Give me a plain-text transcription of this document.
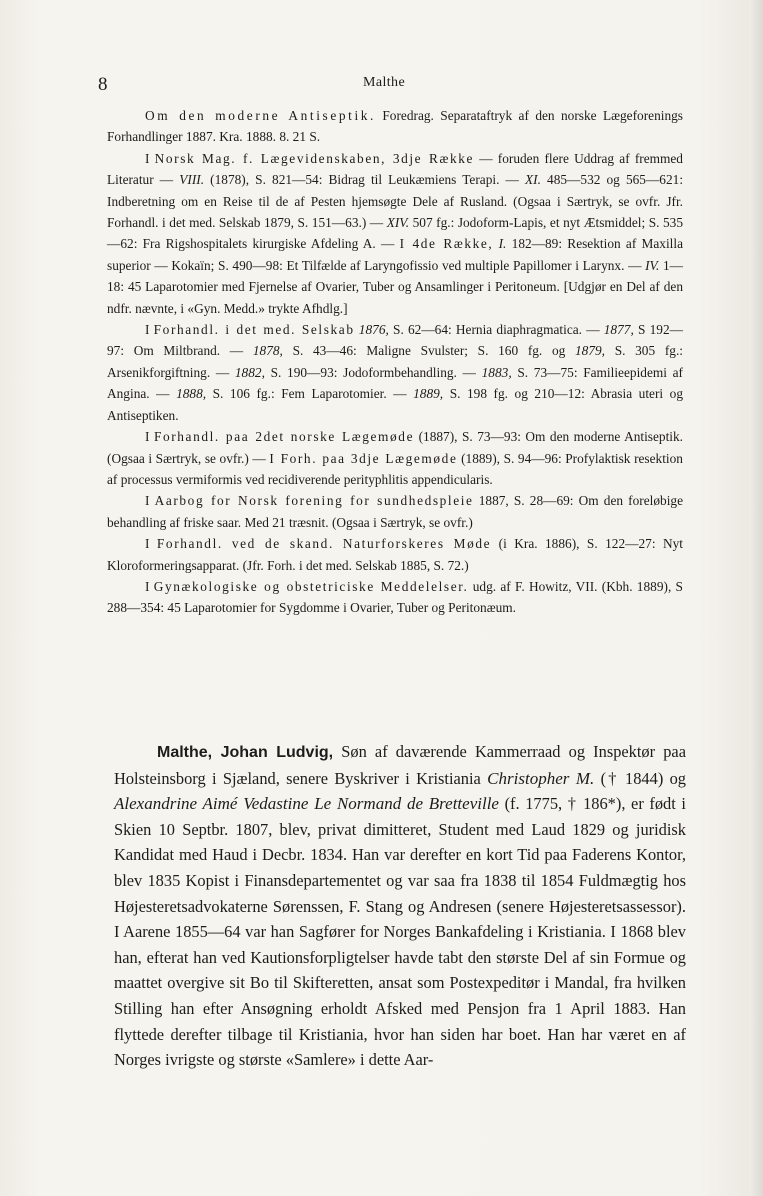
8	Malthe

Om den moderne Antiseptik. Foredrag. Separataftryk af den norske Lægeforenings Forhandlinger 1887. Kra. 1888. 8. 21 S.

I Norsk Mag. f. Lægevidenskaben, 3dje Række — foruden flere Uddrag af fremmed Literatur — VIII. (1878), S. 821—54: Bidrag til Leukæmiens Terapi. — XI. 485—532 og 565—621: Indberetning om en Reise til de af Pesten hjemsøgte Dele af Rusland. (Ogsaa i Særtryk, se ovfr. Jfr. Forhandl. i det med. Selskab 1879, S. 151—63.) — XIV. 507 fg.: Jodoform-Lapis, et nyt Ætsmiddel; S. 535—62: Fra Rigshospitalets kirurgiske Afdeling A. — I 4de Række, I. 182—89: Resektion af Maxilla superior — Kokaïn; S. 490—98: Et Tilfælde af Laryngofissio ved multiple Papillomer i Larynx. — IV. 1—18: 45 Laparotomier med Fjernelse af Ovarier, Tuber og Ansamlinger i Peritoneum. [Udgjør en Del af den ndfr. nævnte, i «Gyn. Medd.» trykte Afhdlg.]

I Forhandl. i det med. Selskab 1876, S. 62—64: Hernia diaphragmatica. — 1877, S 192—97: Om Miltbrand. — 1878, S. 43—46: Maligne Svulster; S. 160 fg. og 1879, S. 305 fg.: Arsenikforgiftning. — 1882, S. 190—93: Jodoformbehandling. — 1883, S. 73—75: Familieepidemi af Angina. — 1888, S. 106 fg.: Fem Laparotomier. — 1889, S. 198 fg. og 210—12: Abrasia uteri og Antiseptiken.

I Forhandl. paa 2det norske Lægemøde (1887), S. 73—93: Om den moderne Antiseptik. (Ogsaa i Særtryk, se ovfr.) — I Forh. paa 3dje Lægemøde (1889), S. 94—96: Profylaktisk resektion af processus vermiformis ved recidiverende perityphlitis appendicularis.

I Aarbog for Norsk forening for sundhedspleie 1887, S. 28—69: Om den foreløbige behandling af friske saar. Med 21 træsnit. (Ogsaa i Særtryk, se ovfr.)

I Forhandl. ved de skand. Naturforskeres Møde (i Kra. 1886), S. 122—27: Nyt Kloroformeringsapparat. (Jfr. Forh. i det med. Selskab 1885, S. 72.)

I Gynækologiske og obstetriciske Meddelelser. udg. af F. Howitz, VII. (Kbh. 1889), S 288—354: 45 Laparotomier for Sygdomme i Ovarier, Tuber og Peritonæum.

Malthe, Johan Ludvig, Søn af daværende Kammerraad og Inspektør paa Holsteinsborg i Sjæland, senere Byskriver i Kristiania Christopher M. († 1844) og Alexandrine Aimé Vedastine Le Normand de Bretteville (f. 1775, † 186*), er født i Skien 10 Septbr. 1807, blev, privat dimitteret, Student med Laud 1829 og juridisk Kandidat med Haud i Decbr. 1834. Han var derefter en kort Tid paa Faderens Kontor, blev 1835 Kopist i Finansdepartementet og var saa fra 1838 til 1854 Fuldmægtig hos Højesteretsadvokaterne Sørenssen, F. Stang og Andresen (senere Højesteretsassessor). I Aarene 1855—64 var han Sagfører for Norges Bankafdeling i Kristiania. I 1868 blev han, efterat han ved Kautionsforpligtelser havde tabt den største Del af sin Formue og maattet overgive sit Bo til Skifteretten, ansat som Postexpeditør i Mandal, fra hvilken Stilling han efter Ansøgning erholdt Afsked med Pensjon fra 1 April 1883. Han flyttede derefter tilbage til Kristiania, hvor han siden har boet. Han har været en af Norges ivrigste og største «Samlere» i dette Aar-
